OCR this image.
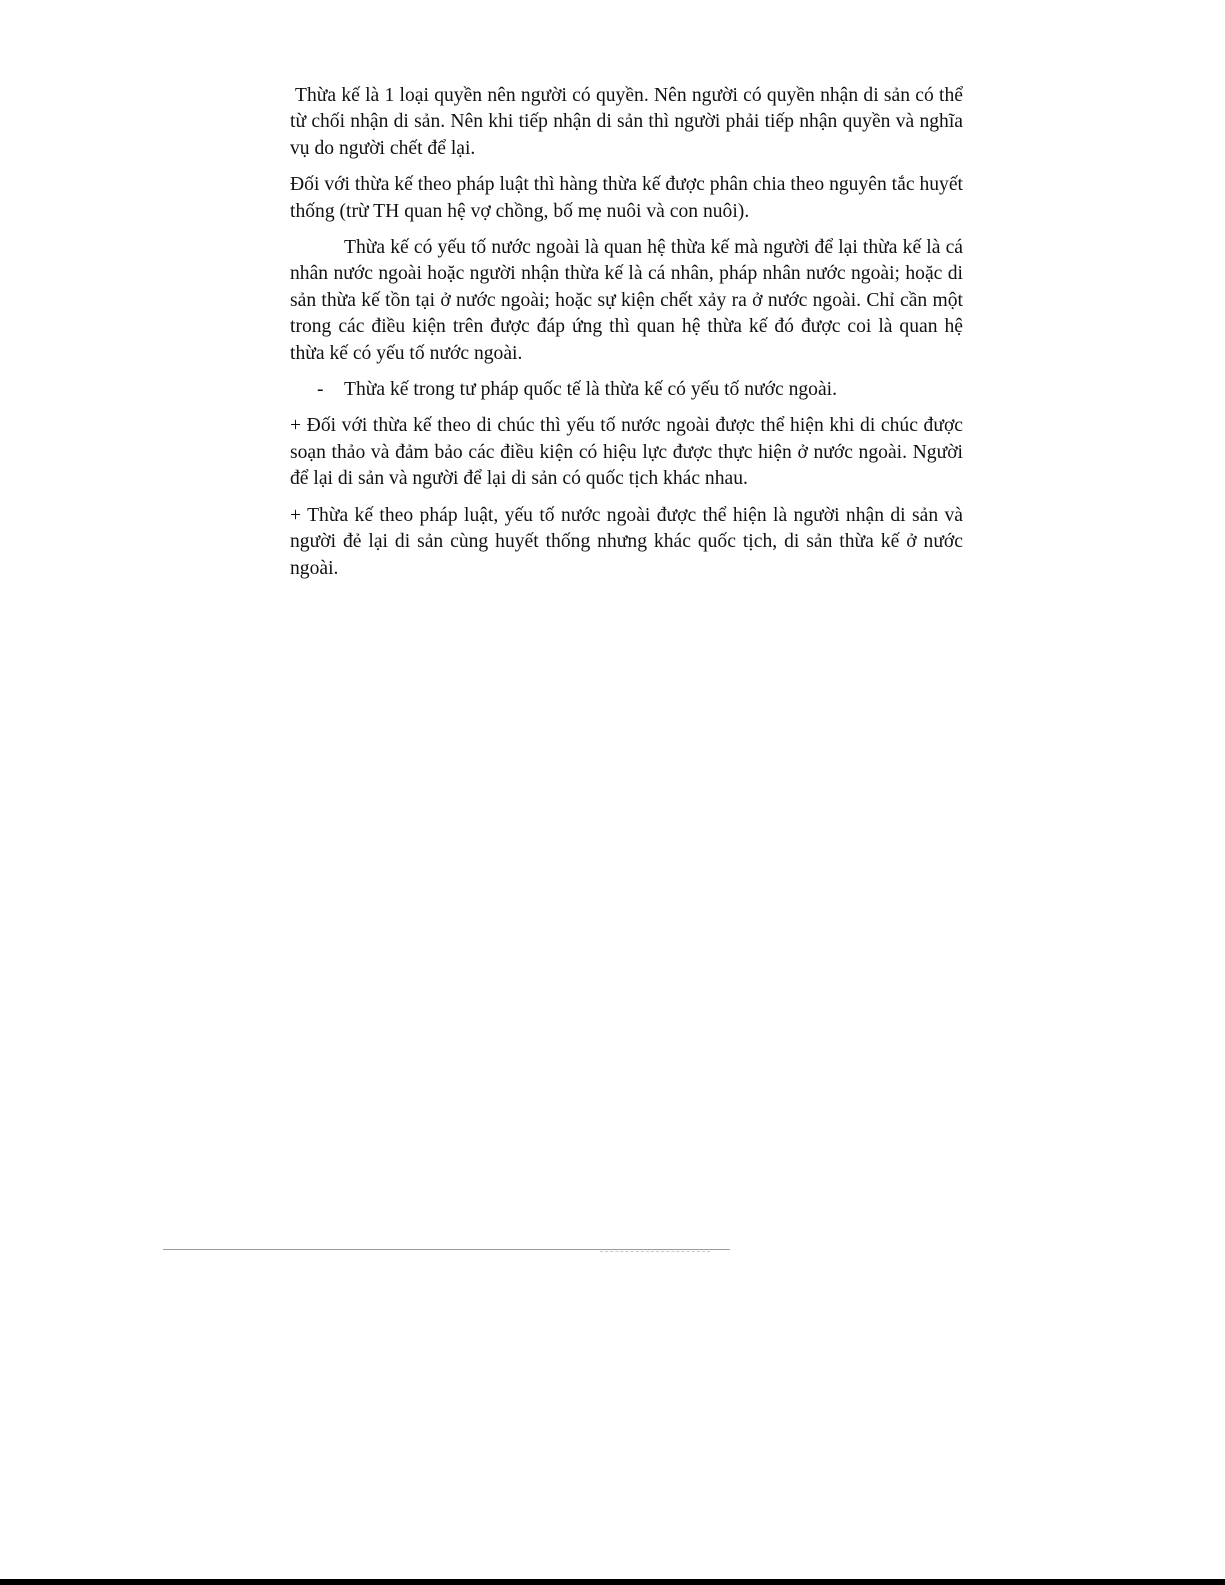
Thừa kế là 1 loại quyền nên người có quyền. Nên người có quyền nhận di sản có thể từ chối nhận di sản. Nên khi tiếp nhận di sản thì người phải tiếp nhận quyền và nghĩa vụ do người chết để lại.

Đối với thừa kế theo pháp luật thì hàng thừa kế được phân chia theo nguyên tắc huyết thống (trừ TH quan hệ vợ chồng, bố mẹ nuôi và con nuôi).

Thừa kế có yếu tố nước ngoài là quan hệ thừa kế mà người để lại thừa kế là cá nhân nước ngoài hoặc người nhận thừa kế là cá nhân, pháp nhân nước ngoài; hoặc di sản thừa kế tồn tại ở nước ngoài; hoặc sự kiện chết xảy ra ở nước ngoài. Chỉ cần một trong các điều kiện trên được đáp ứng thì quan hệ thừa kế đó được coi là quan hệ thừa kế có yếu tố nước ngoài.

-	Thừa kế trong tư pháp quốc tế là thừa kế có yếu tố nước ngoài.

+ Đối với thừa kế theo di chúc thì yếu tố nước ngoài được thể hiện khi di chúc được soạn thảo và đảm bảo các điều kiện có hiệu lực được thực hiện ở nước ngoài. Người để lại di sản và người để lại di sản có quốc tịch khác nhau.

+ Thừa kế theo pháp luật, yếu tố nước ngoài được thể hiện là người nhận di sản và người đẻ lại di sản cùng huyết thống nhưng khác quốc tịch, di sản thừa kế ở nước ngoài.
